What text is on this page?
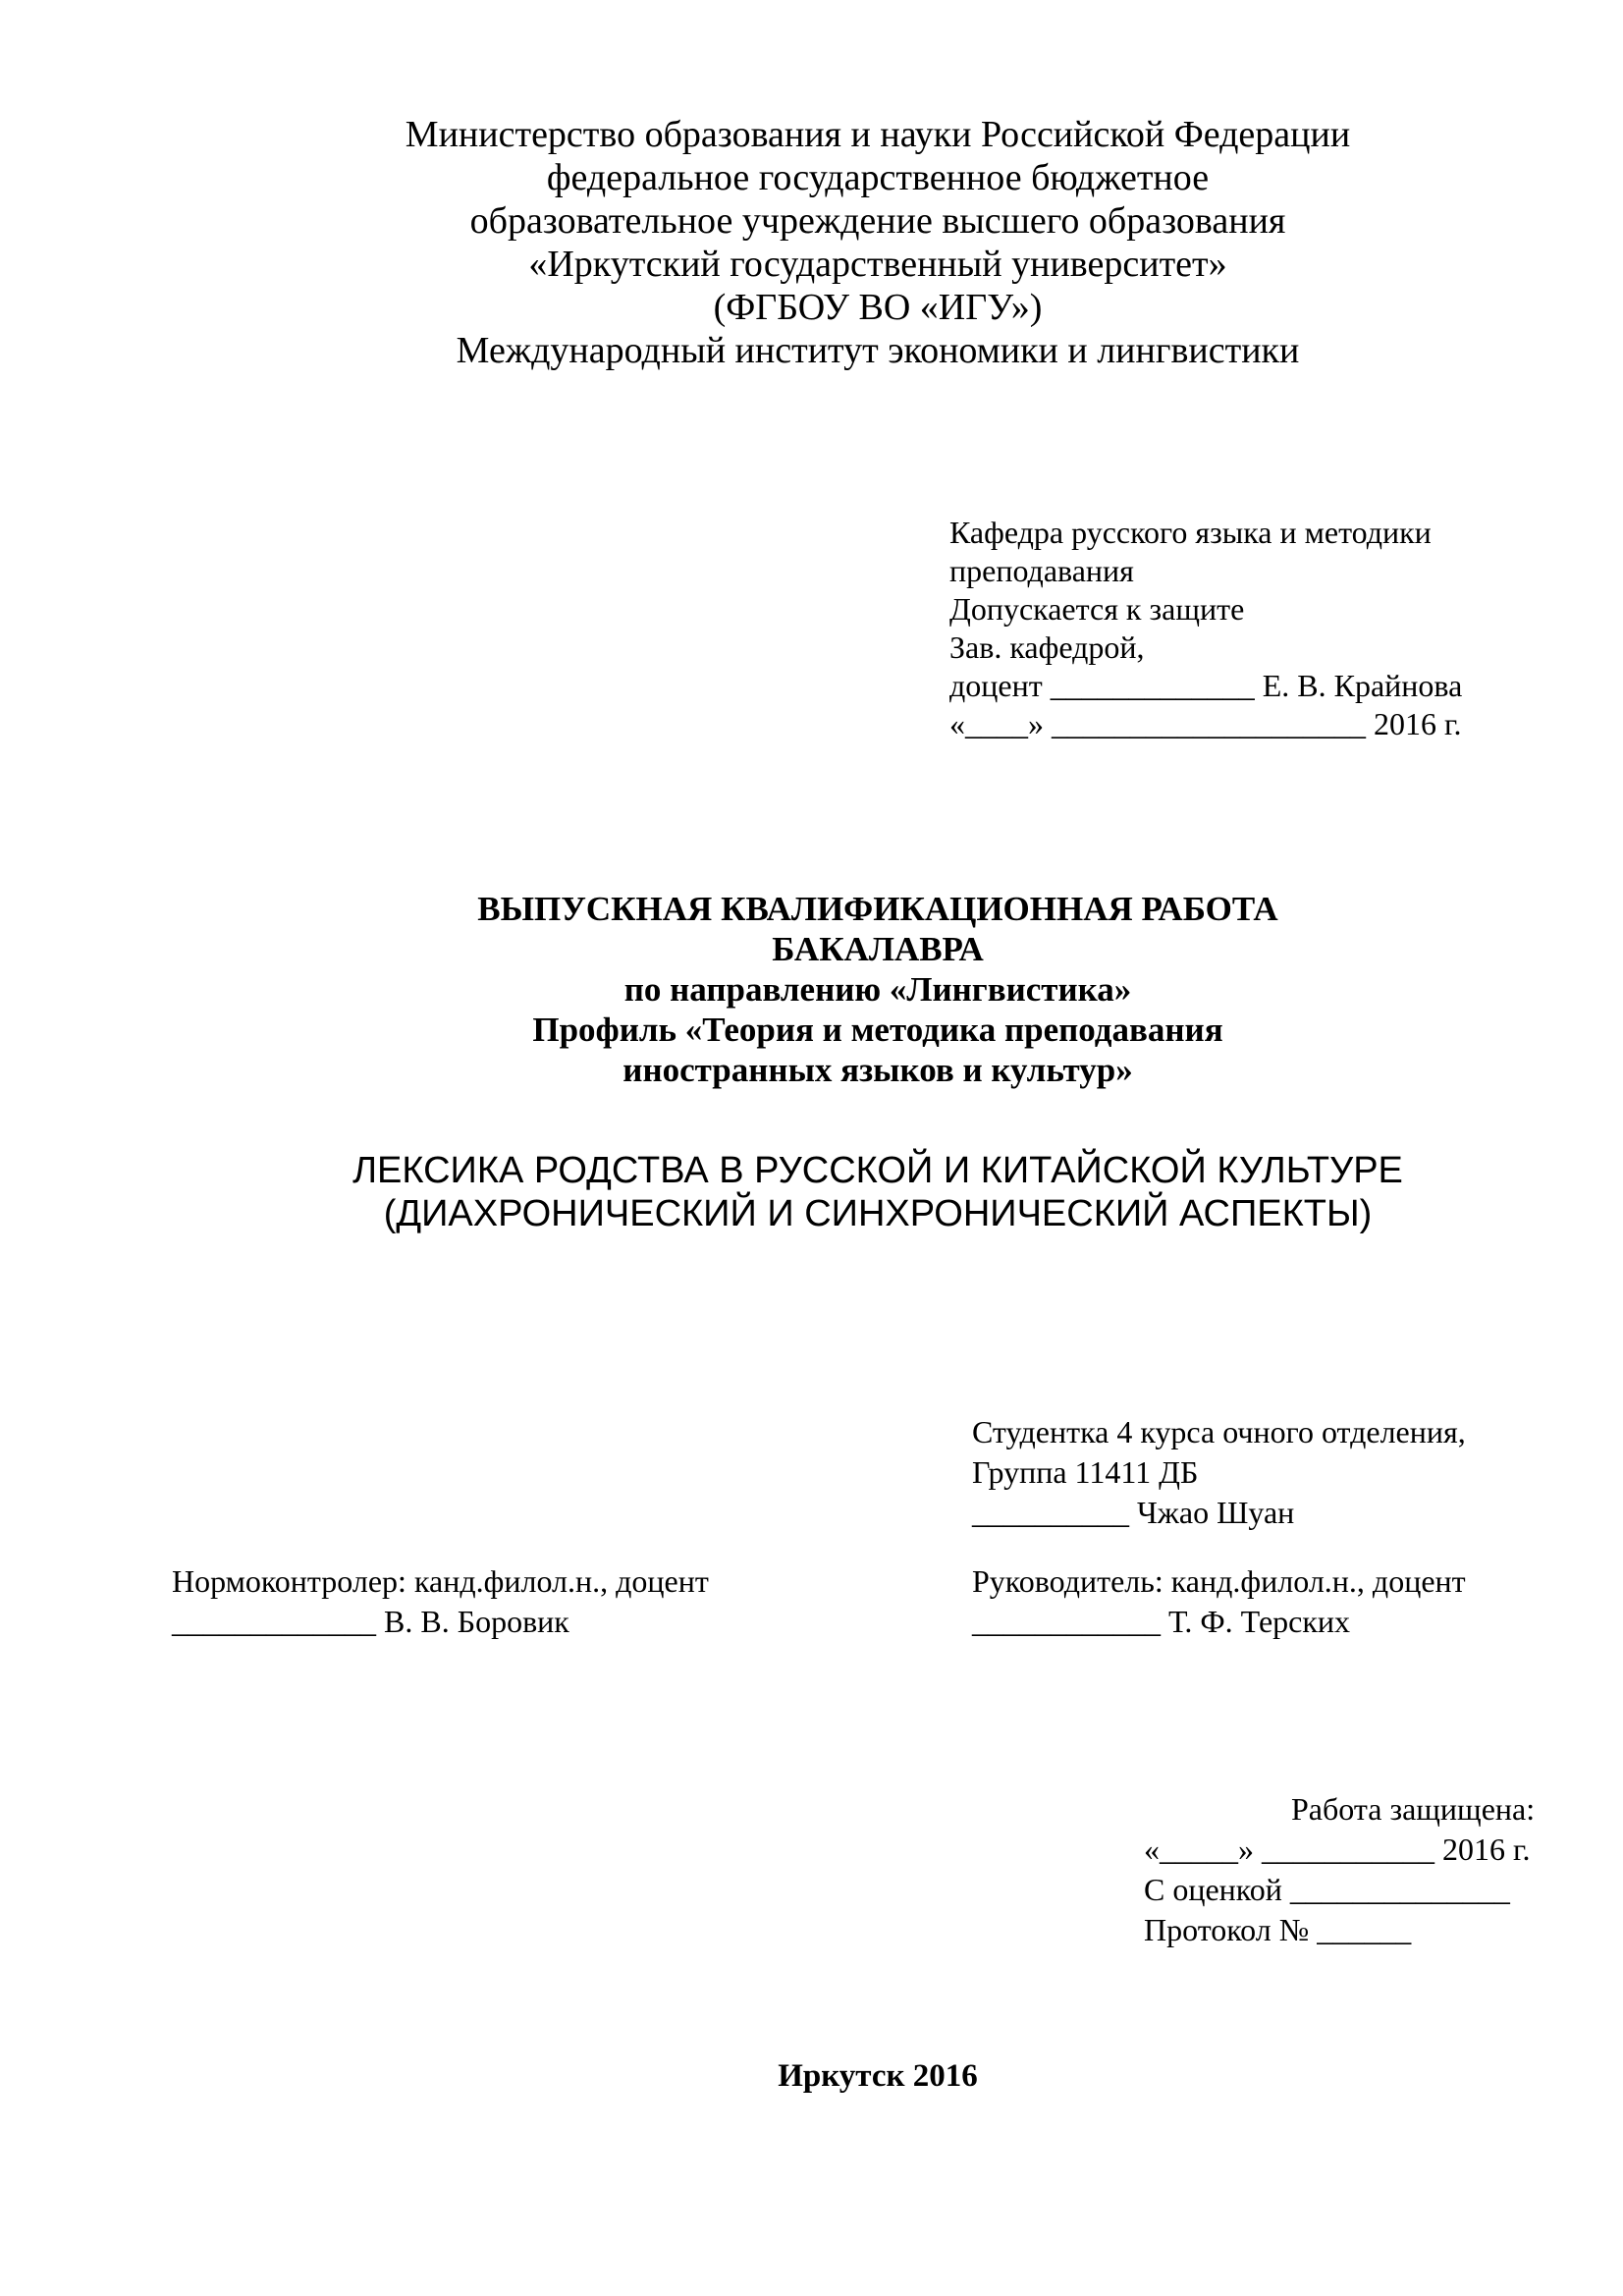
Министерство образования и науки Российской Федерации
федеральное государственное бюджетное
образовательное учреждение высшего образования
«Иркутский государственный университет»
(ФГБОУ ВО «ИГУ»)
Международный институт экономики и лингвистики
Кафедра русского языка и методики
преподавания
Допускается к защите
Зав. кафедрой,
доцент _____________ Е. В. Крайнова
«____» ____________________ 2016 г.
ВЫПУСКНАЯ КВАЛИФИКАЦИОННАЯ РАБОТА
БАКАЛАВРА
по направлению «Лингвистика»
Профиль «Теория и методика преподавания
иностранных языков и культур»
ЛЕКСИКА РОДСТВА В РУССКОЙ И КИТАЙСКОЙ КУЛЬТУРЕ
(ДИАХРОНИЧЕСКИЙ И СИНХРОНИЧЕСКИЙ АСПЕКТЫ)
Студентка 4 курса очного отделения,
Группа 11411 ДБ
__________ Чжао Шуан
Нормоконтролер: канд.филол.н., доцент
_____________ В. В. Боровик
Руководитель: канд.филол.н., доцент
____________ Т. Ф. Терских
Работа защищена:
«_____» ___________ 2016 г.
С оценкой ______________
Протокол № ______
Иркутск 2016
